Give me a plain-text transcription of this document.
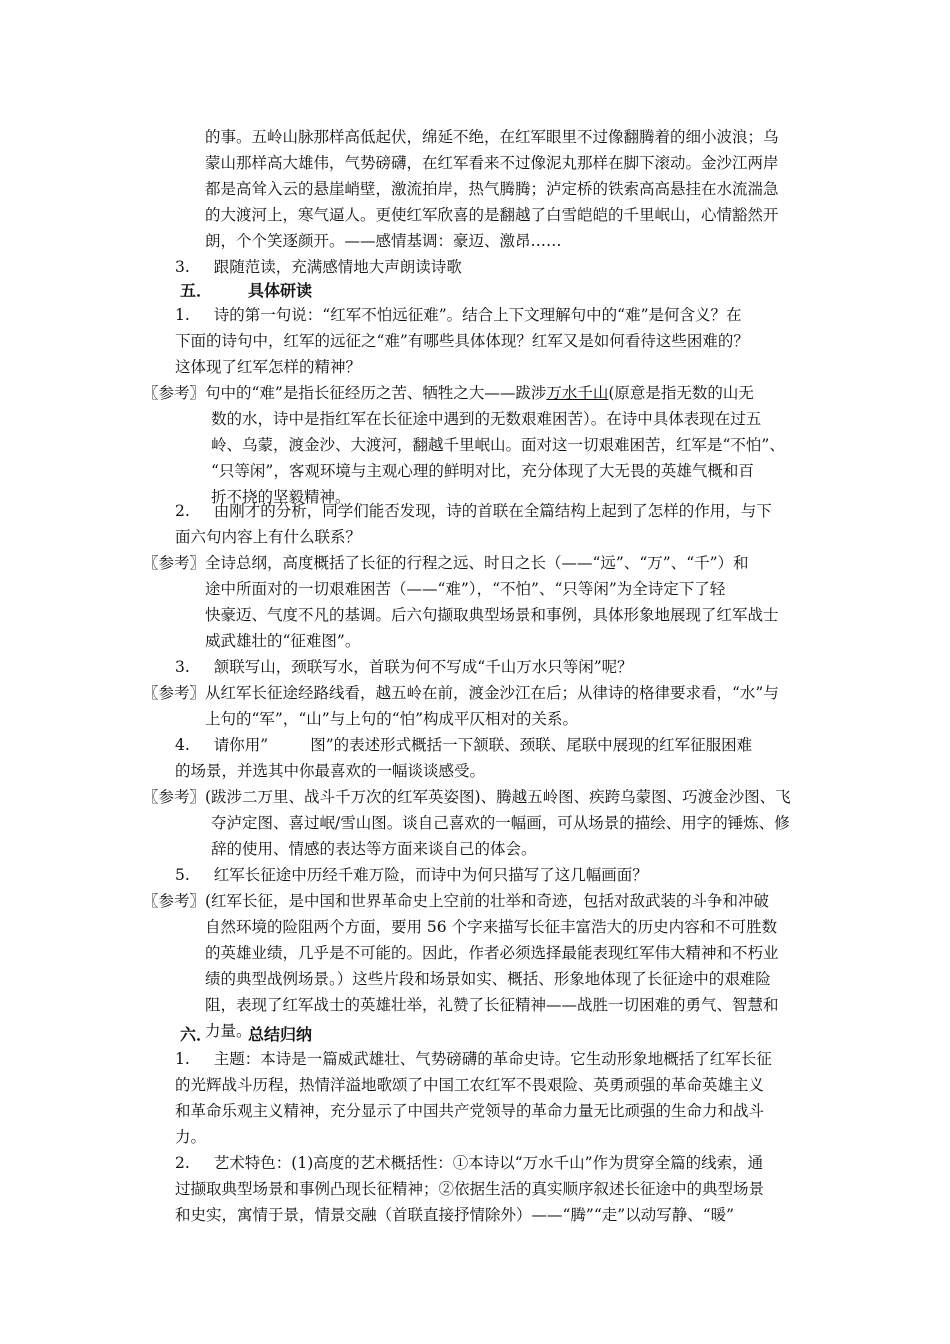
的事。五岭山脉那样高低起伏，绵延不绝，在红军眼里不过像翻腾着的细小波浪；乌
蒙山那样高大雄伟，气势磅礴，在红军看来不过像泥丸那样在脚下滚动。金沙江两岸
都是高耸入云的悬崖峭壁，激流拍岸，热气腾腾；泸定桥的铁索高高悬挂在水流湍急
的大渡河上，寒气逼人。更使红军欣喜的是翻越了白雪皑皑的千里岷山，心情豁然开
朗，个个笑逐颜开。——感情基调：豪迈、激昂……
3. 跟随范读，充满感情地大声朗读诗歌
五． 具体研读
1. 诗的第一句说：“红军不怕远征难”。结合上下文理解句中的“难”是何含义？在
下面的诗句中，红军的远征之“难”有哪些具体体现？红军又是如何看待这些困难的？
这体现了红军怎样的精神？
〖参考〗句中的“难”是指长征经历之苦、牺牲之大——跋涉万水千山(原意是指无数的山无
数的水，诗中是指红军在长征途中遇到的无数艰难困苦）。在诗中具体表现在过五
岭、乌蒙，渡金沙、大渡河，翻越千里岷山。面对这一切艰难困苦，红军是“不怕”、
“只等闲”，客观环境与主观心理的鲜明对比，充分体现了大无畏的英雄气概和百
折不挠的坚毅精神。
2. 由刚才的分析，同学们能否发现，诗的首联在全篇结构上起到了怎样的作用，与下
面六句内容上有什么联系？
〖参考〗全诗总纲，高度概括了长征的行程之远、时日之长（——“远”、“万”、“千”）和
途中所面对的一切艰难困苦（——“难”），“不怕”、“只等闲”为全诗定下了轻
快豪迈、气度不凡的基调。后六句撷取典型场景和事例，具体形象地展现了红军战士
威武雄壮的“征难图”。
3. 颔联写山，颈联写水，首联为何不写成“千山万水只等闲”呢？
〖参考〗从红军长征途经路线看，越五岭在前，渡金沙江在后；从律诗的格律要求看，“水”与
上句的“军”，“山”与上句的“怕”构成平仄相对的关系。
4. 请你用”	图”的表述形式概括一下颔联、颈联、尾联中展现的红军征服困难
的场景，并选其中你最喜欢的一幅谈谈感受。
〖参考〗(跋涉二万里、战斗千万次的红军英姿图)、腾越五岭图、疾跨乌蒙图、巧渡金沙图、飞
夺泸定图、喜过岷/雪山图。谈自己喜欢的一幅画，可从场景的描绘、用字的锤炼、修
辞的使用、情感的表达等方面来谈自己的体会。
5. 红军长征途中历经千难万险，而诗中为何只描写了这几幅画面？
〖参考〗(红军长征，是中国和世界革命史上空前的壮举和奇迹，包括对敌武装的斗争和冲破
自然环境的险阻两个方面，要用 56 个字来描写长征丰富浩大的历史内容和不可胜数
的英雄业绩，几乎是不可能的。因此，作者必须选择最能表现红军伟大精神和不朽业
绩的典型战例场景。）这些片段和场景如实、概括、形象地体现了长征途中的艰难险
阻，表现了红军战士的英雄壮举，礼赞了长征精神——战胜一切困难的勇气、智慧和
力量。
六． 总结归纳
1. 主题：本诗是一篇威武雄壮、气势磅礴的革命史诗。它生动形象地概括了红军长征
的光辉战斗历程，热情洋溢地歌颂了中国工农红军不畏艰险、英勇顽强的革命英雄主义
和革命乐观主义精神，充分显示了中国共产党领导的革命力量无比顽强的生命力和战斗
力。
2. 艺术特色：(1)高度的艺术概括性：①本诗以“万水千山”作为贯穿全篇的线索，通
过撷取典型场景和事例凸现长征精神；②依据生活的真实顺序叙述长征途中的典型场景
和史实，寓情于景，情景交融（首联直接抒情除外）——“腾”“走”以动写静、“暖”
